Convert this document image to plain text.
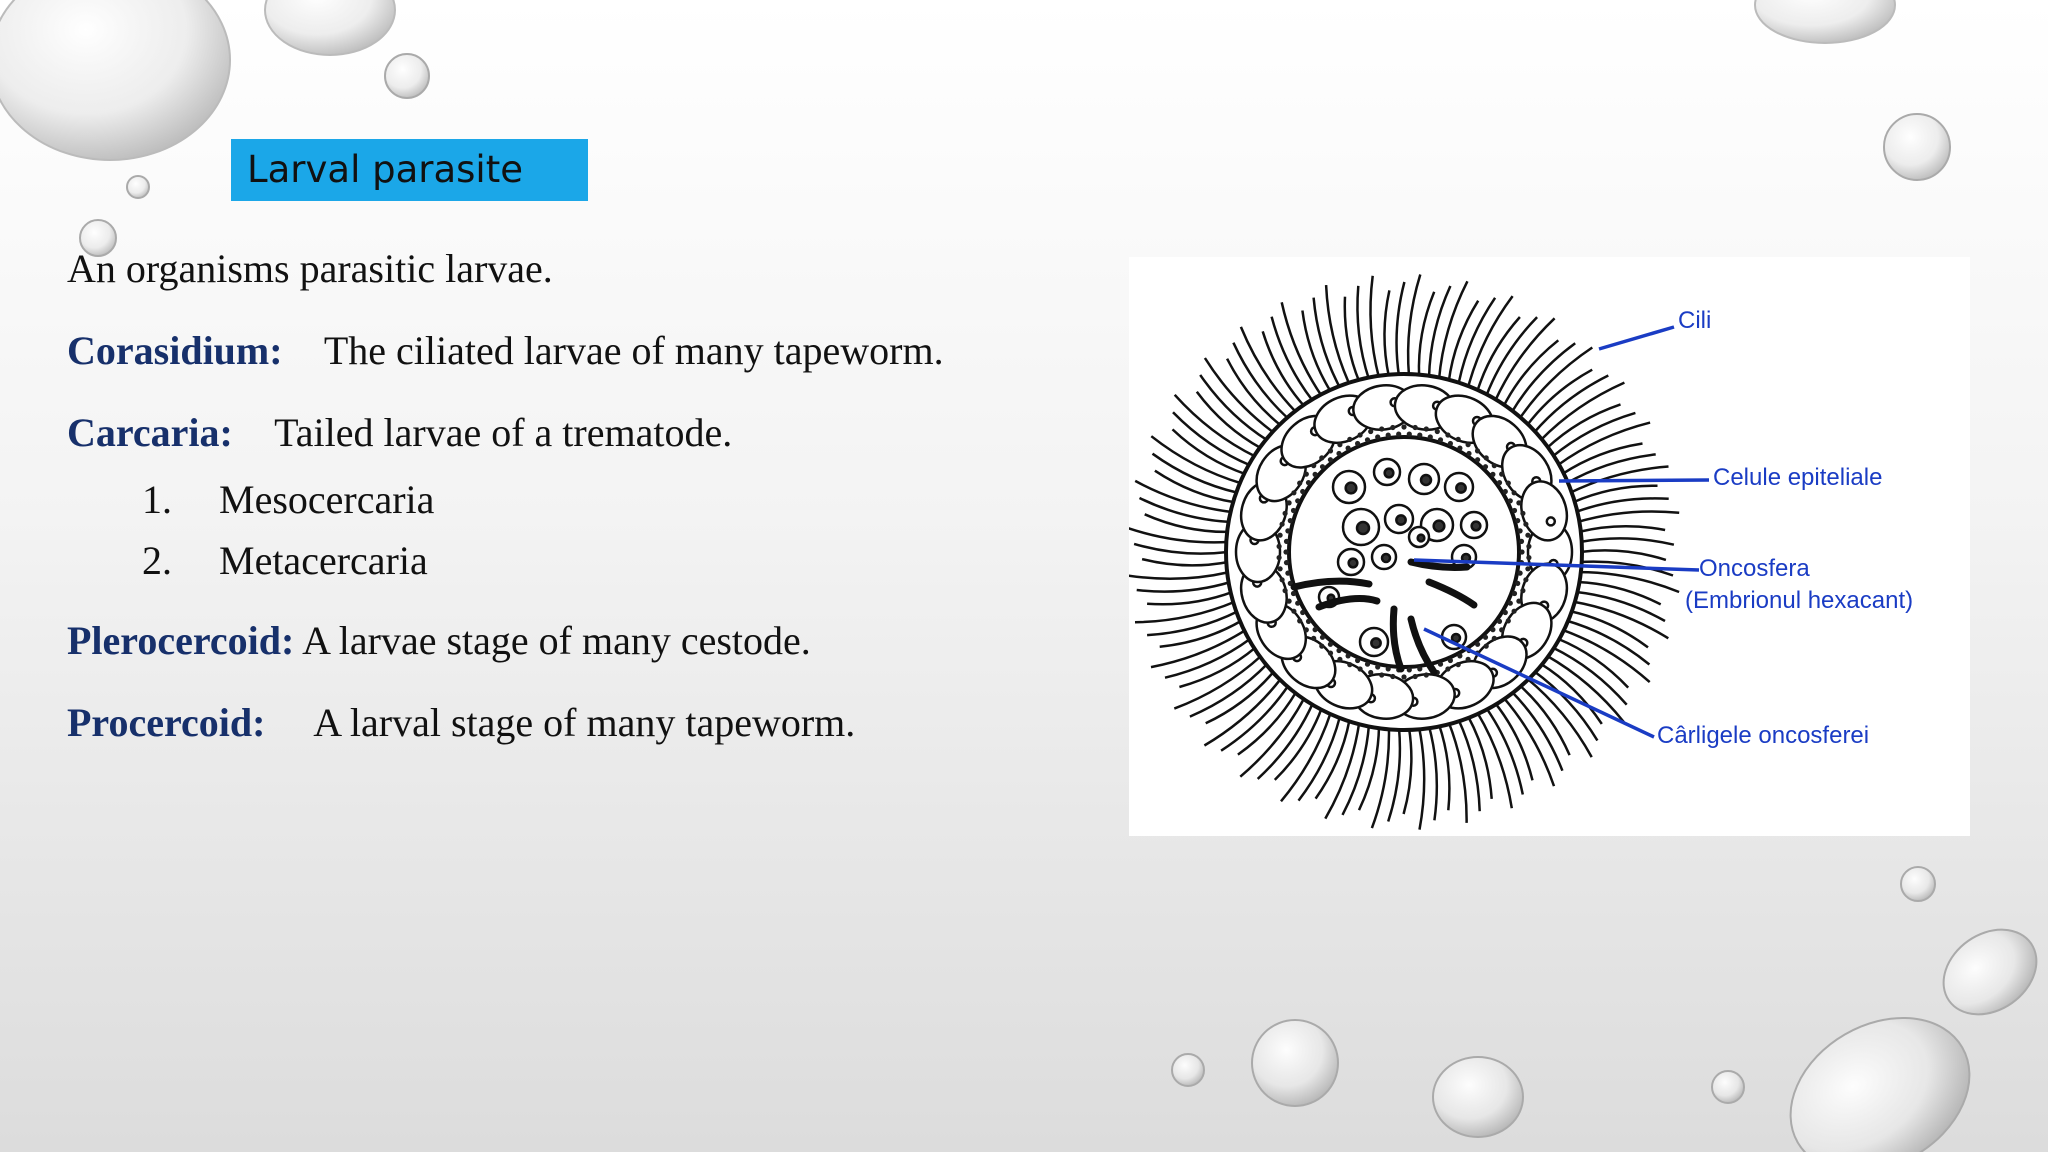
Larval parasite
An organisms parasitic larvae.
Corasidium: The ciliated larvae of many tapeworm.
Carcaria: Tailed larvae of a trematode.
1. Mesocercaria
2. Metacercaria
Plerocercoid: A larvae stage of many cestode.
Procercoid: A larval stage of many tapeworm.
Cili
Celule epiteliale
Oncosfera
(Embrionul hexacant)
Cârligele oncosferei
